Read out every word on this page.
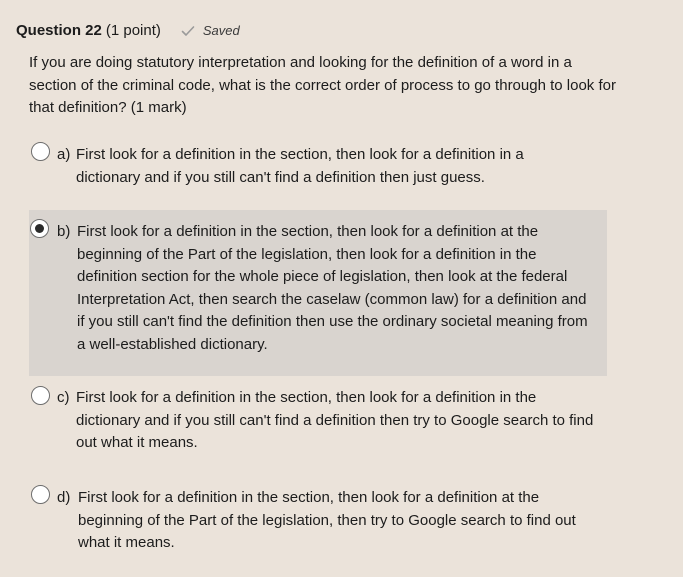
Question 22 (1 point)	Saved
If you are doing statutory interpretation and looking for the definition of a word in a section of the criminal code, what is the correct order of process to go through to look for that definition? (1 mark)
a) First look for a definition in the section, then look for a definition in a dictionary and if you still can't find a definition then just guess.
b) First look for a definition in the section, then look for a definition at the beginning of the Part of the legislation, then look for a definition in the definition section for the whole piece of legislation, then look at the federal Interpretation Act, then search the caselaw (common law) for a definition and if you still can't find the definition then use the ordinary societal meaning from a well-established dictionary.
c) First look for a definition in the section, then look for a definition in the dictionary and if you still can't find a definition then try to Google search to find out what it means.
d) First look for a definition in the section, then look for a definition at the beginning of the Part of the legislation, then try to Google search to find out what it means.
